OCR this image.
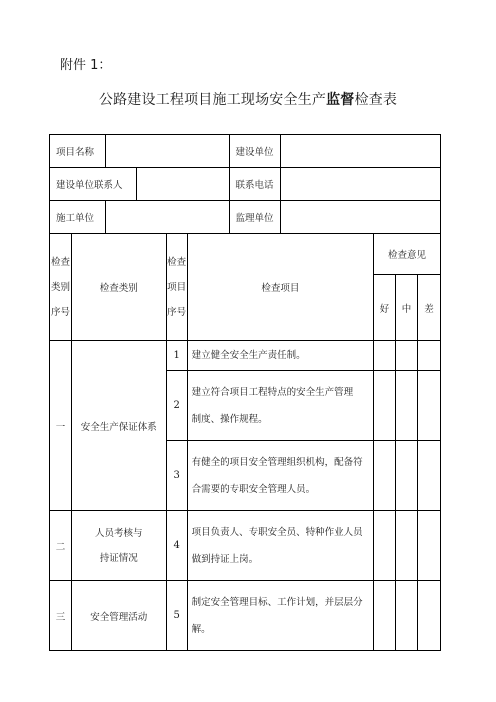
附件 1：
公路建设工程项目施工现场安全生产监督检查表
项目名称		建设单位	
建设单位联系人		联系电话	
施工单位		监理单位	
检查
类别
序号	检查类别	检查
项目
序号	检查项目	检查意见		
				好	中	差
一	安全生产保证体系	1	建立健全安全生产责任制。			
		2	建立符合项目工程特点的安全生产管理
制度、操作规程。			
		3	有健全的项目安全管理组织机构，配备符
合需要的专职安全管理人员。			
二	人员考核与
持证情况	4	项目负责人、专职安全员、特种作业人员
做到持证上岗。			
三	安全管理活动	5	制定安全管理目标、工作计划，并层层分
解。			
